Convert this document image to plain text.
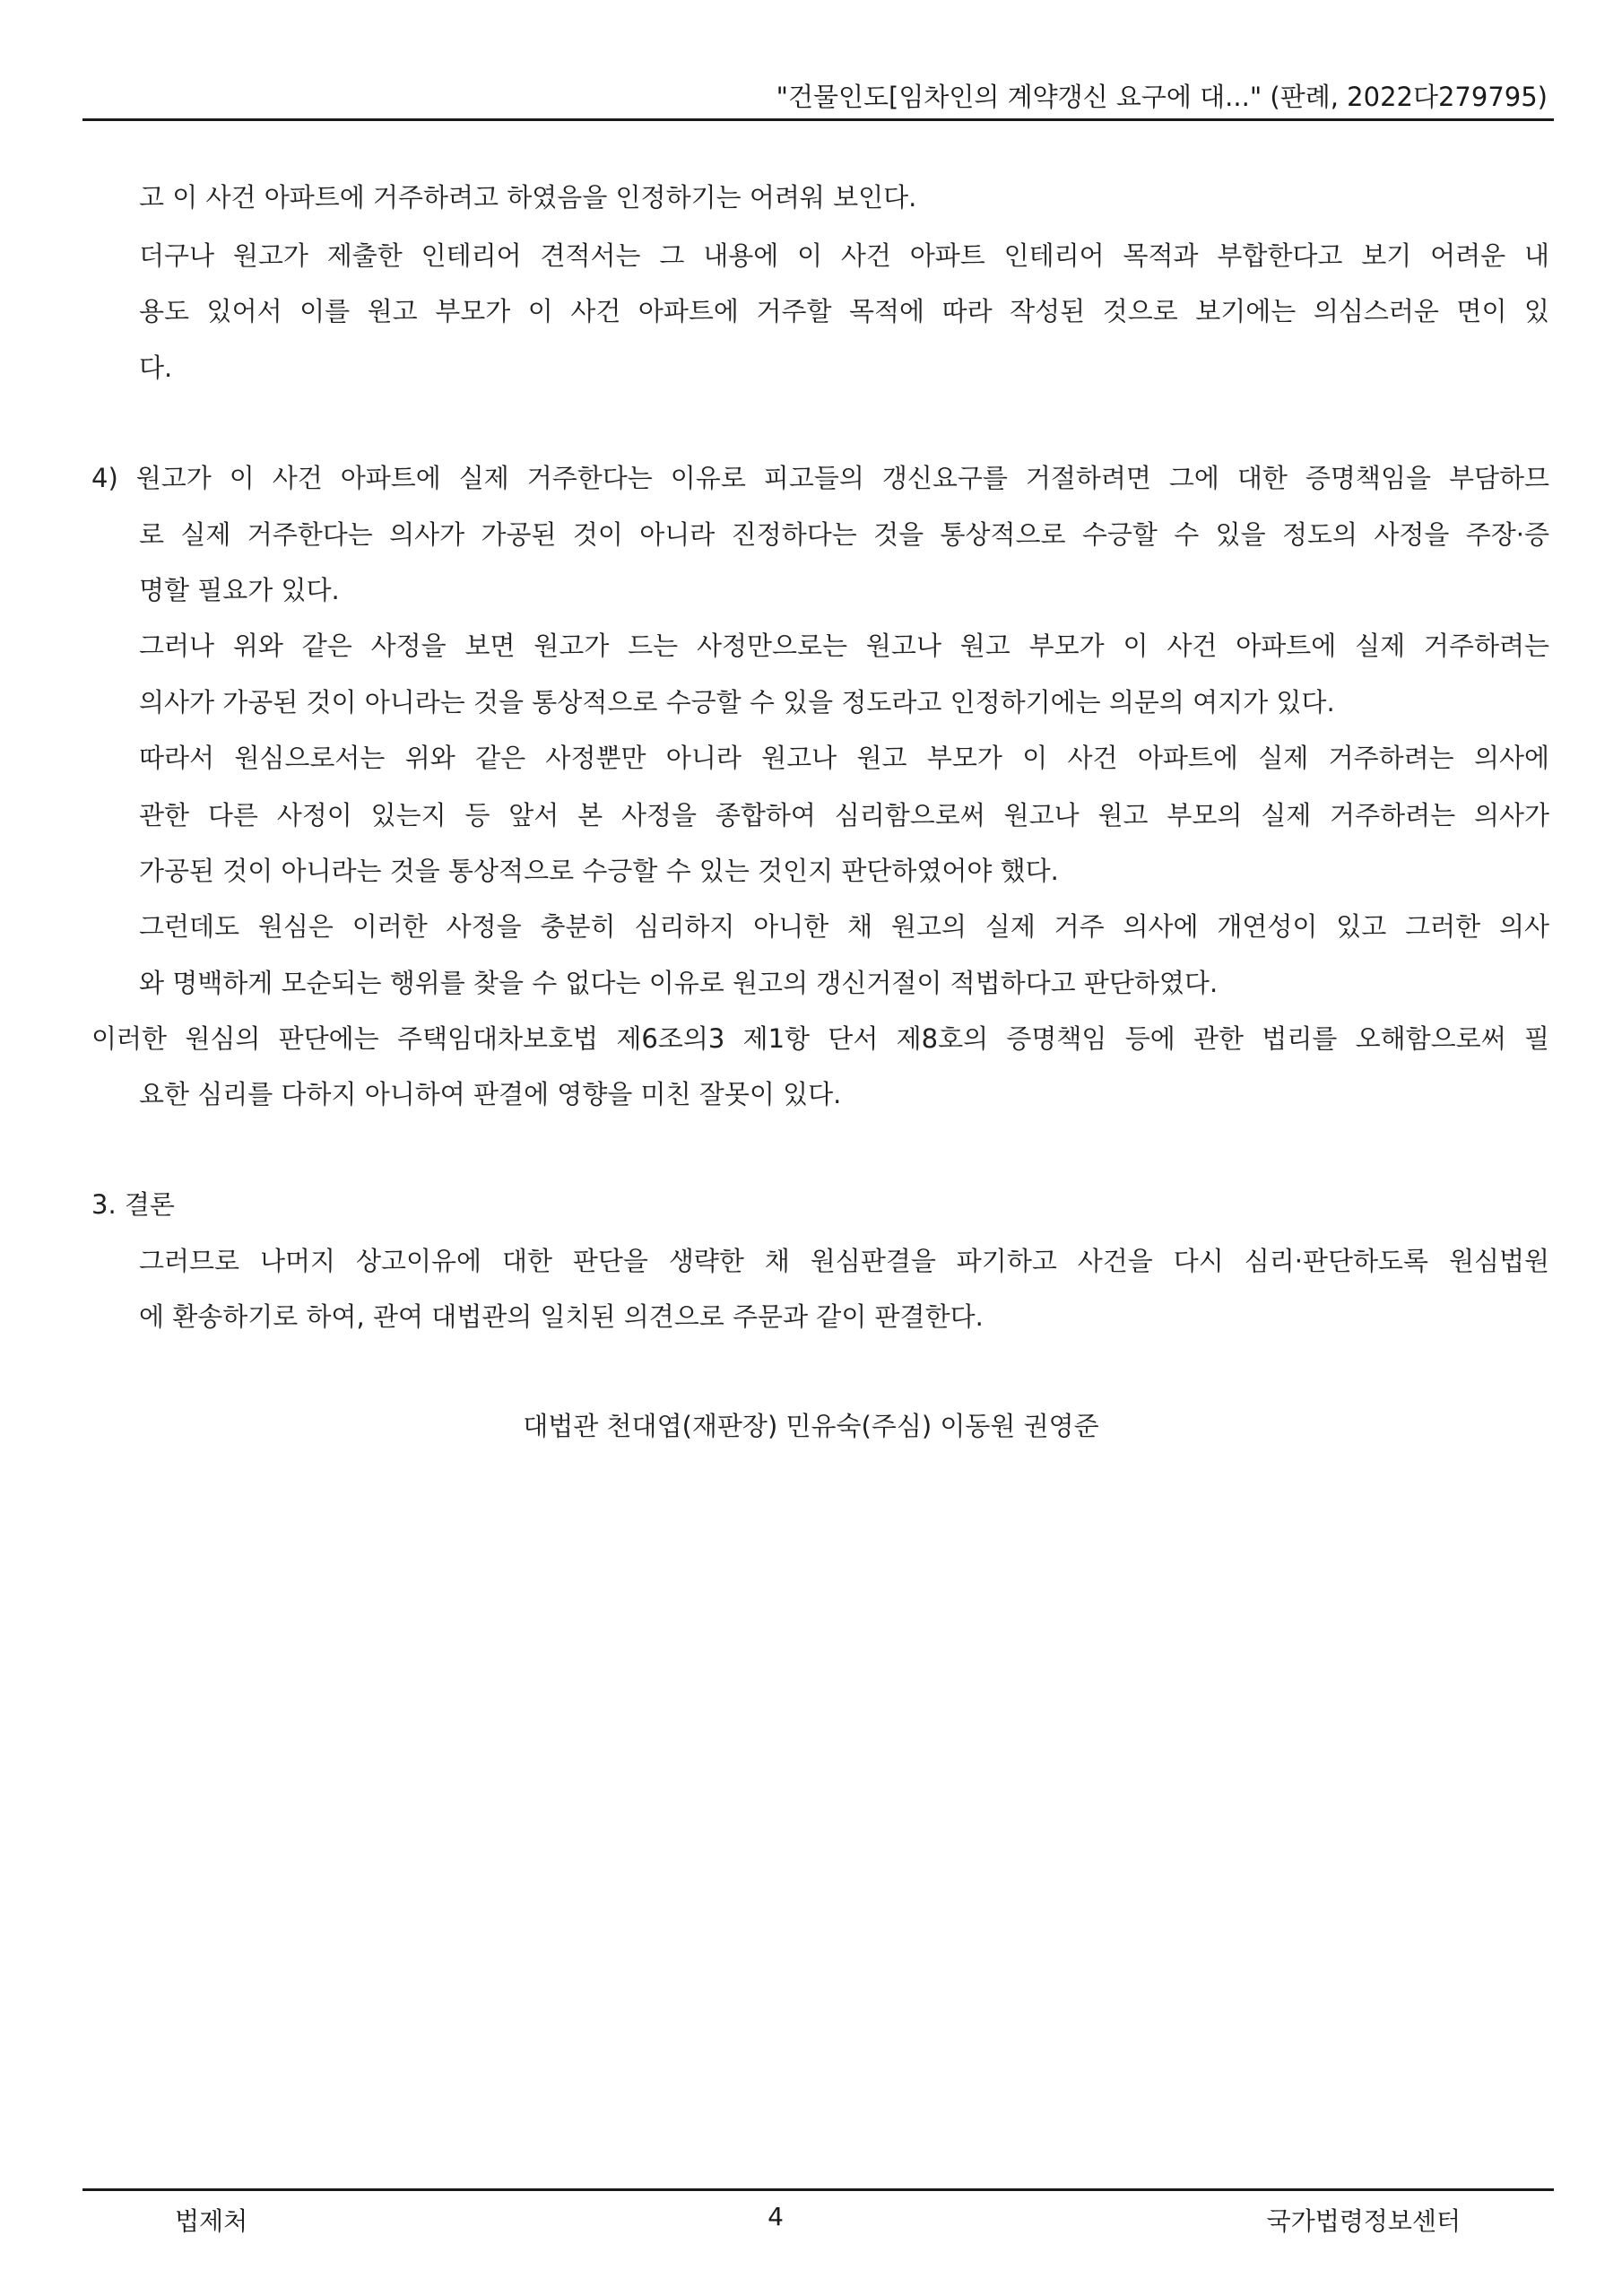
"건물인도[임차인의 계약갱신 요구에 대..." (판례, 2022다279795)
고 이 사건 아파트에 거주하려고 하였음을 인정하기는 어려워 보인다.
더구나 원고가 제출한 인테리어 견적서는 그 내용에 이 사건 아파트 인테리어 목적과 부합한다고 보기 어려운 내
용도 있어서 이를 원고 부모가 이 사건 아파트에 거주할 목적에 따라 작성된 것으로 보기에는 의심스러운 면이 있
다.
4) 원고가 이 사건 아파트에 실제 거주한다는 이유로 피고들의 갱신요구를 거절하려면 그에 대한 증명책임을 부담하므
로 실제 거주한다는 의사가 가공된 것이 아니라 진정하다는 것을 통상적으로 수긍할 수 있을 정도의 사정을 주장·증
명할 필요가 있다.
그러나 위와 같은 사정을 보면 원고가 드는 사정만으로는 원고나 원고 부모가 이 사건 아파트에 실제 거주하려는
의사가 가공된 것이 아니라는 것을 통상적으로 수긍할 수 있을 정도라고 인정하기에는 의문의 여지가 있다.
따라서 원심으로서는 위와 같은 사정뿐만 아니라 원고나 원고 부모가 이 사건 아파트에 실제 거주하려는 의사에
관한 다른 사정이 있는지 등 앞서 본 사정을 종합하여 심리함으로써 원고나 원고 부모의 실제 거주하려는 의사가
가공된 것이 아니라는 것을 통상적으로 수긍할 수 있는 것인지 판단하였어야 했다.
그런데도 원심은 이러한 사정을 충분히 심리하지 아니한 채 원고의 실제 거주 의사에 개연성이 있고 그러한 의사
와 명백하게 모순되는 행위를 찾을 수 없다는 이유로 원고의 갱신거절이 적법하다고 판단하였다.
이러한 원심의 판단에는 주택임대차보호법 제6조의3 제1항 단서 제8호의 증명책임 등에 관한 법리를 오해함으로써 필
요한 심리를 다하지 아니하여 판결에 영향을 미친 잘못이 있다.
3. 결론
그러므로 나머지 상고이유에 대한 판단을 생략한 채 원심판결을 파기하고 사건을 다시 심리·판단하도록 원심법원
에 환송하기로 하여, 관여 대법관의 일치된 의견으로 주문과 같이 판결한다.
대법관 천대엽(재판장) 민유숙(주심) 이동원 권영준
법제처	4	국가법령정보센터
